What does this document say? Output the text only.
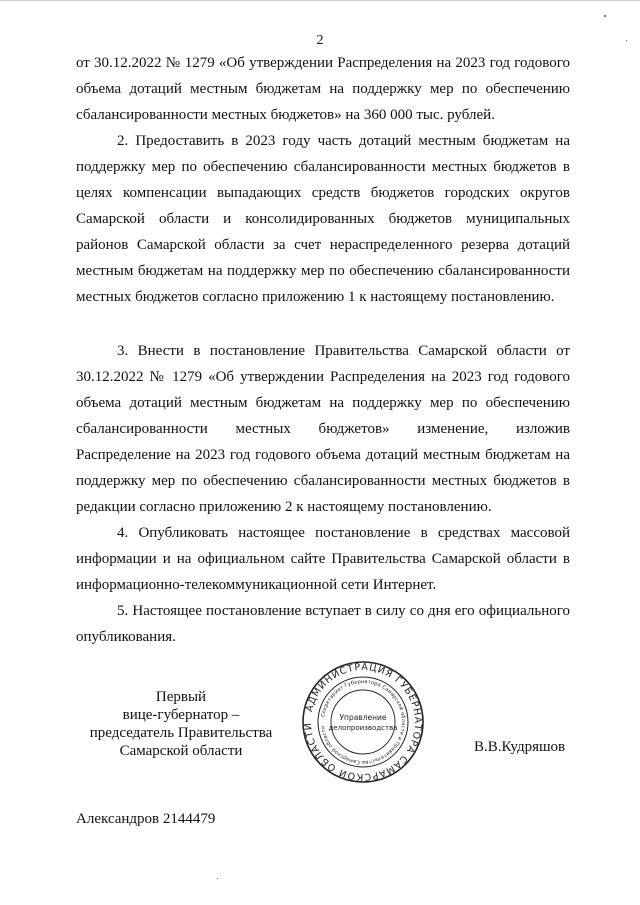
2

от 30.12.2022 № 1279 «Об утверждении Распределения на 2023 год годового объема дотаций местным бюджетам на поддержку мер по обеспечению сбалансированности местных бюджетов» на 360 000 тыс. рублей.

2. Предоставить в 2023 году часть дотаций местным бюджетам на поддержку мер по обеспечению сбалансированности местных бюджетов в целях компенсации выпадающих средств бюджетов городских округов Самарской области и консолидированных бюджетов муниципальных районов Самарской области за счет нераспределенного резерва дотаций местным бюджетам на поддержку мер по обеспечению сбалансированности местных бюджетов согласно приложению 1 к настоящему постановлению.

3. Внести в постановление Правительства Самарской области от 30.12.2022 № 1279 «Об утверждении Распределения на 2023 год годового объема дотаций местным бюджетам на поддержку мер по обеспечению сбалансированности местных бюджетов» изменение, изложив Распределение на 2023 год годового объема дотаций местным бюджетам на поддержку мер по обеспечению сбалансированности местных бюджетов в редакции согласно приложению 2 к настоящему постановлению.

4. Опубликовать настоящее постановление в средствах массовой информации и на официальном сайте Правительства Самарской области в информационно-телекоммуникационной сети Интернет.

5. Настоящее постановление вступает в силу со дня его официального опубликования.

Первый
вице-губернатор –
председатель Правительства
Самарской области
АДМИНИСТРАЦИЯ ГУБЕРНАТОРА САМАРСКОЙ ОБЛАСТИ
Секретариат Губернатора Самарской области и Правительства Самарской области
Управление
делопроизводства
В.В.Кудряшов
Александров 2144479
